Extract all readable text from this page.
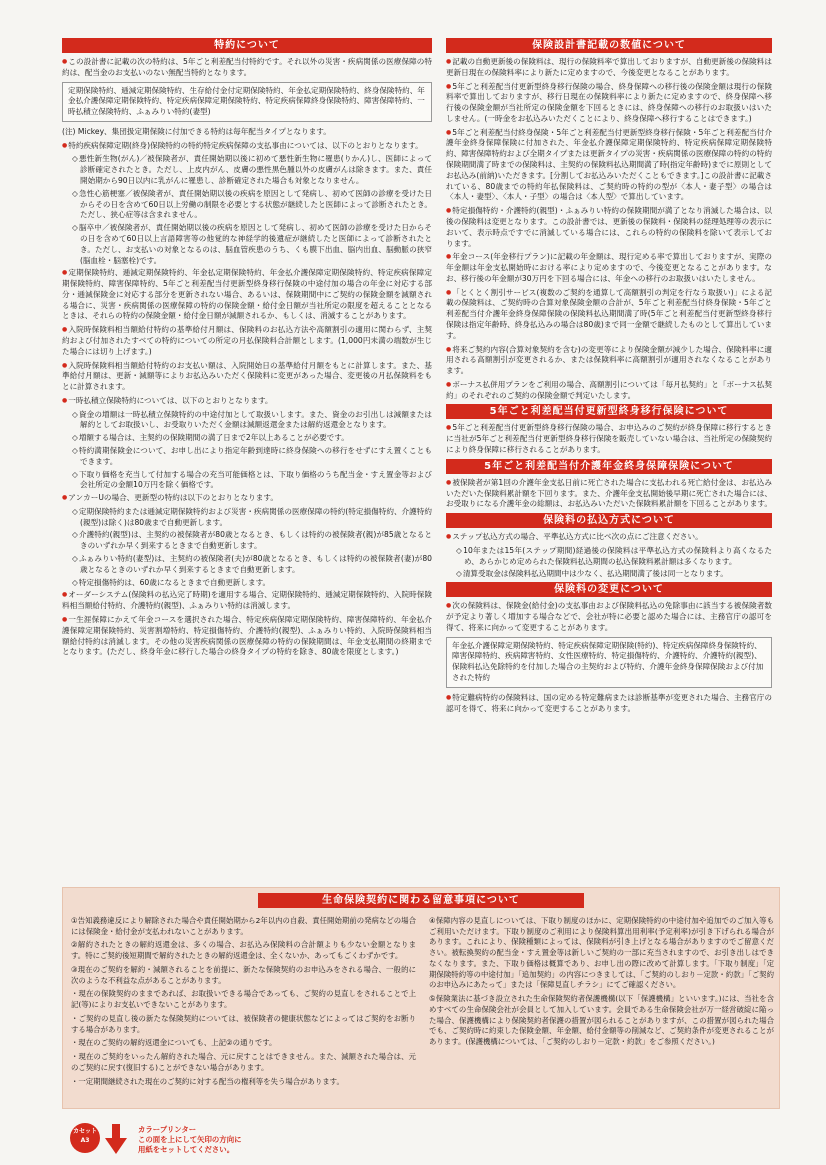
特約について

● この設計書に記載の次の特約は、5年ごと利差配当付特約です。それ以外の災害・疾病関係の医療保障の特約は、配当金のお支払いのない無配当特約となります。

定期保険特約、逓減定期保険特約、生存給付金付定期保険特約、年金払定期保険特約、終身保険特約、年金払介護保障定期保険特約、特定疾病保障定期保険特約、特定疾病保障終身保険特約、障害保障特約、一時払積立保険特約、ふぁみりい特約(妻型)

(注) Mickey、集団扱定期保険に付加できる特約は毎年配当タイプとなります。

● 特約疾病保障定期(終身)保険特約の特約特定疾病保障の支払事由については、以下のとおりとなります。

◇ 悪性新生物(がん)／被保険者が、責任開始期以後に初めて悪性新生物に罹患(りかん)し、医師によって診断確定されたとき。ただし、上皮内がん、皮膚の悪性黒色腫以外の皮膚がんは除きます。また、責任開始期から90日以内に乳がんに罹患し、診断確定された場合も対象となりません。

◇ 急性心筋梗塞／被保険者が、責任開始期以後の疾病を原因として発病し、初めて医師の診療を受けた日からその日を含めて60日以上労働の制限を必要とする状態が継続したと医師によって診断されたとき。ただし、狭心症等は含まれません。

◇ 脳卒中／被保険者が、責任開始期以後の疾病を原因として発病し、初めて医師の診療を受けた日からその日を含めて60日以上言語障害等の他覚的な神経学的後遺症が継続したと医師によって診断されたとき。ただし、お支払いの対象となるのは、脳血管疾患のうち、くも膜下出血、脳内出血、脳動脈の狭窄(脳血栓・脳塞栓)です。

● 定期保険特約、逓減定期保険特約、年金払定期保険特約、年金払介護保障定期保険特約、特定疾病保障定期保険特約、障害保障特約、5年ごと利差配当付更新型終身移行保険の中途付加の場合の年金に対応する部分・逓減保険金に対応する部分を更新されない場合、あるいは、保険期間中にご契約の保険金額を減額される場合に、災害・疾病関係の医療保障の特約の保険金額・給付金日額が当社所定の限度を超えることとなるときは、それらの特約の保険金額・給付金日額が減額されるか、もしくは、消滅することがあります。

● 入院時保険料相当額給付特約の基準給付月額は、保険料のお払込方法や高額割引の適用に関わらず、主契約および付加されたすべての特約についての所定の月払保険料合計額とします。(1,000円未満の端数が生じた場合には切り上げます。)

● 入院時保険料相当額給付特約のお支払い額は、入院開始日の基準給付月額をもとに計算します。また、基準給付月額は、更新・減額等によりお払込みいただく保険料に変更があった場合、変更後の月払保険料をもとに計算されます。

● 一時払積立保険特約については、以下のとおりとなります。

◇ 資金の増額は一時払積立保険特約の中途付加として取扱いします。また、資金のお引出しは減額または解約としてお取扱いし、お受取りいただく金額は減額返還金または解約返還金となります。

◇ 増額する場合は、主契約の保険期間の満了日まで2年以上あることが必要です。

◇ 特約満期保険金について、お申し出により指定年齢到達時に終身保険への移行をせずにすえ置くこともできます。

◇ 下取り価格を充当して付加する場合の充当可能価格とは、下取り価格のうち配当金・すえ置金等および会社所定の金額10万円を除く価格です。

● アンカーUの場合、更新型の特約は以下のとおりとなります。

◇ 定期保険特約または逓減定期保険特約および災害・疾病関係の医療保障の特約(特定損傷特約、介護特約(親型)は除く)は80歳まで自動更新します。

◇ 介護特約(親型)は、主契約の被保険者が80歳となるとき、もしくは特約の被保険者(親)が85歳となるときのいずれか早く到来するときまで自動更新します。

◇ ふぁみりい特約(妻型)は、主契約の被保険者(夫)が80歳となるとき、もしくは特約の被保険者(妻)が80歳となるときのいずれか早く到来するときまで自動更新します。

◇ 特定損傷特約は、60歳になるときまで自動更新します。

● オーダーシステム(保険料の払込完了時期)を適用する場合、定期保険特約、逓減定期保険特約、入院時保険料相当額給付特約、介護特約(親型)、ふぁみりい特約は消滅します。

● 一生涯保障にかえて年金コースを選択された場合、特定疾病保障定期保険特約、障害保障特約、年金払介護保障定期保険特約、災害割増特約、特定損傷特約、介護特約(親型)、ふぁみりい特約、入院時保険料相当額給付特約は消滅します。その他の災害疾病関係の医療保障の特約の保険期間は、年金支払期間の終期までとなります。(ただし、終身年金に移行した場合の終身タイプの特約を除き、80歳を限度とします。)

保険設計書記載の数値について

● 記載の自動更新後の保険料は、現行の保険料率で算出しておりますが、自動更新後の保険料は更新日現在の保険料率により新たに定めますので、今後変更となることがあります。

● 5年ごと利差配当付更新型終身移行保険の場合、終身保障への移行後の保険金額は現行の保険料率で算出しておりますが、移行日現在の保険料率により新たに定めますので、終身保障へ移行後の保険金額が当社所定の保険金額を下回るときには、終身保障への移行のお取扱いはいたしません。(一時金をお払込みいただくことにより、終身保障へ移行することはできます。)

● 5年ごと利差配当付終身保険・5年ごと利差配当付更新型終身移行保険・5年ごと利差配当付介護年金終身保障保険に付加された、年金払介護保障定期保険特約、特定疾病保障定期保険特約、障害保障特約および全期タイプまたは更新タイプの災害・疾病関係の医療保障の特約の特約保険期間満了時までの保険料は、主契約の保険料払込期間満了時(指定年齢時)までに原則としてお払込み(前納)いただきます。[分割してお払込みいただくこともできます。]この設計書に記載されている、80歳までの特約年払保険料は、ご契約時の特約の型が〈本人・妻子型〉の場合は〈本人・妻型〉、〈本人・子型〉の場合は〈本人型〉で算出しています。

● 特定損傷特約・介護特約(親型)・ふぁみりい特約の保険期間が満了となり消滅した場合は、以後の保険料は変更となります。この設計書では、更新後の保険料・保険料の経理処理等の表示において、表示時点ですでに消滅している場合には、これらの特約の保険料を除いて表示しております。

● 年金コース(年金移行プラン)に記載の年金額は、現行定める率で算出しておりますが、実際の年金額は年金支払開始時における率により定めますので、今後変更となることがあります。なお、移行後の年金額が30万円を下回る場合には、年金への移行のお取扱いはいたしません。

● 「とくとく割引サービス(複数のご契約を通算して高額割引の判定を行なう取扱い)」による記載の保険料は、ご契約時の合算対象保険金額の合計が、5年ごと利差配当付終身保険・5年ごと利差配当付介護年金終身保障保険の保険料払込期間満了時(5年ごと利差配当付更新型終身移行保険は指定年齢時、終身払込みの場合は80歳)まで同一金額で継続したものとして算出しています。

● 将来ご契約内容(合算対象契約を含む)の変更等により保険金額が減少した場合、保険料率に適用される高額割引が変更されるか、または保険料率に高額割引が適用されなくなることがあります。

● ボーナス払併用プランをご利用の場合、高額割引については「毎月払契約」と「ボーナス払契約」のそれぞれのご契約の保険金額で判定いたします。

5年ごと利差配当付更新型終身移行保険について

● 5年ごと利差配当付更新型終身移行保険の場合、お申込みのご契約が終身保障に移行するときに当社が5年ごと利差配当付更新型終身移行保険を販売していない場合は、当社所定の保険契約により終身保障に移行されることがあります。

5年ごと利差配当付介護年金終身保障保険について

● 被保険者が第1回の介護年金支払日前に死亡された場合に支払われる死亡給付金は、お払込みいただいた保険料累計額を下回ります。また、介護年金支払開始後早期に死亡された場合には、お受取りになる介護年金の総額は、お払込みいただいた保険料累計額を下回ることがあります。

保険料の払込方式について

● ステップ払込方式の場合、平準払込方式に比べ次の点にご注意ください。

◇ 10年または15年(ステップ期間)経過後の保険料は平準払込方式の保険料より高くなるため、あらかじめ定められた保険料払込期間の払込保険料累計額は多くなります。

◇ 清算受取金は保険料払込期間中は少なく、払込期間満了後は同一となります。

保険料の変更について

● 次の保険料は、保険金(給付金)の支払事由および保険料払込の免除事由に該当する被保険者数が予定より著しく増加する場合などで、会社が特に必要と認めた場合には、主務官庁の認可を得て、将来に向かって変更することがあります。

年金払介護保障定期保険特約、特定疾病保障定期保険(特約)、特定疾病保障終身保険特約、障害保障特約、疾病障害特約、女性医療特約、特定損傷特約、介護特約、介護特約(親型)、保険料払込免除特約を付加した場合の主契約および特約、介護年金終身保障保険および付加された特約

● 特定難病特約の保険料は、国の定める特定難病または診断基準が変更された場合、主務官庁の認可を得て、将来に向かって変更することがあります。

生命保険契約に関わる留意事項について

①告知義務違反により解除された場合や責任開始期から2年以内の自殺、責任開始期前の発病などの場合には保険金・給付金が支払われないことがあります。

②解約されたときの解約返還金は、多くの場合、お払込み保険料の合計額よりも少ない金額となります。特にご契約後短期間で解約されたときの解約返還金は、全くないか、あってもごくわずかです。

③現在のご契約を解約・減額されることを前提に、新たな保険契約のお申込みをされる場合、一般的に次のような不利益な点があることがあります。

・現在の保険契約のままであれば、お取扱いできる場合であっても、ご契約の見直しをされることで上記(等)によりお支払いできないことがあります。

・ご契約の見直し後の新たな保険契約については、被保険者の健康状態などによってはご契約をお断りする場合があります。

・現在のご契約の解約返還金についても、上記②の通りです。

・現在のご契約をいったん解約された場合、元に戻すことはできません。また、減額された場合は、元のご契約に戻す(復旧する)ことができない場合があります。

・一定期間継続された現在のご契約に対する配当の権利等を失う場合があります。

④保障内容の見直しについては、下取り制度のほかに、定期保険特約の中途付加や追加でのご加入等もご利用いただけます。下取り制度のご利用により保険料算出用利率(予定利率)が引き下げられる場合があります。これにより、保険種類によっては、保険料が引き上げとなる場合がありますのでご留意ください。被転換契約の配当金・すえ置金等は新しいご契約の一部に充当されますので、お引き出しはできなくなります。また、下取り価格は概算であり、お申し出の際に改めて計算します。「下取り制度」「定期保険特約等の中途付加」「追加契約」の内容につきましては、「ご契約のしおり－定款・約款」「ご契約のお申込みにあたって」または「保障見直しチラシ」にてご確認ください。

⑤保険業法に基づき設立された生命保険契約者保護機構(以下「保護機構」といいます。)には、当社を含めすべての生命保険会社が会員として加入しています。会員である生命保険会社が万一経営破綻に陥った場合、保護機構により保険契約者保護の措置が図られることがありますが、この措置が図られた場合でも、ご契約時に約束した保険金額、年金額、給付金額等の削減など、ご契約条件が変更されることがあります。(保護機構については、「ご契約のしおり－定款・約款」をご参照ください。)

カセット
A3
カラープリンター
この面を上にして矢印の方向に
用紙をセットしてください。
